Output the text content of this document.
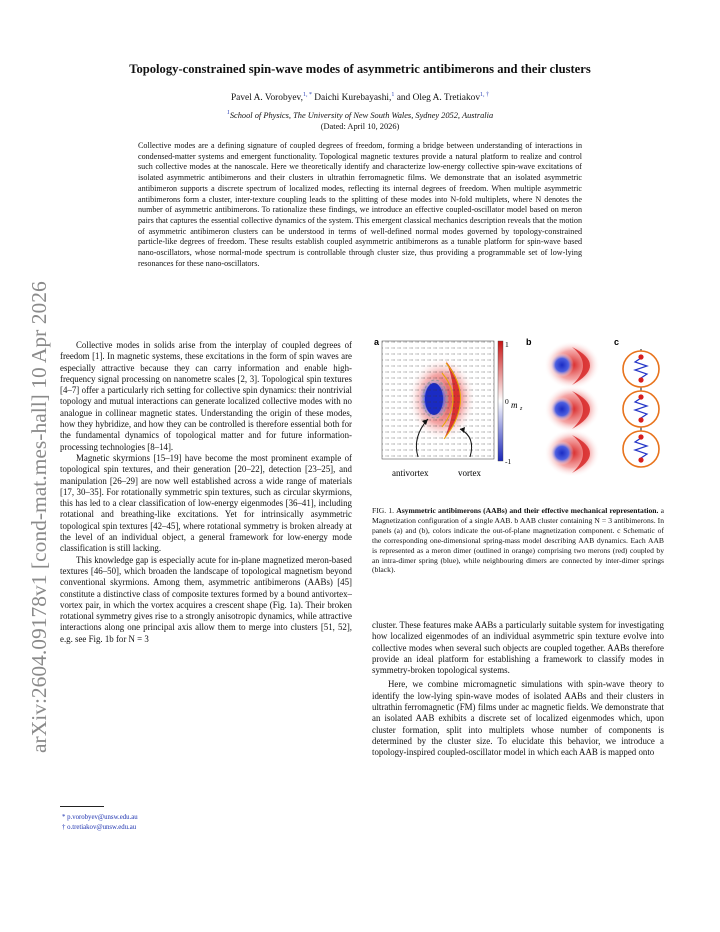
arXiv:2604.09178v1 [cond-mat.mes-hall] 10 Apr 2026
Topology-constrained spin-wave modes of asymmetric antibimerons and their clusters
Pavel A. Vorobyev,$^{1, *}$ Daichi Kurebayashi,$^1$ and Oleg A. Tretiakov$^{1, \dagger}$
$^1$School of Physics, The University of New South Wales, Sydney 2052, Australia
(Dated: April 10, 2026)
Collective modes are a defining signature of coupled degrees of freedom, forming a bridge between understanding of interactions in condensed-matter systems and emergent functionality. Topological magnetic textures provide a natural platform to realize and control such collective modes at the nanoscale. Here we theoretically identify and characterize low-energy collective spin-wave excitations of isolated asymmetric antibimerons and their clusters in ultrathin ferromagnetic films. We demonstrate that an isolated asymmetric antibimeron supports a discrete spectrum of localized modes, reflecting its internal degrees of freedom. When multiple asymmetric antibimerons form a cluster, inter-texture coupling leads to the splitting of these modes into N-fold multiplets, where N denotes the number of asymmetric antibimerons. To rationalize these findings, we introduce an effective coupled-oscillator model based on meron pairs that captures the essential collective dynamics of the system. This emergent classical mechanics description reveals that the motion of asymmetric antibimeron clusters can be understood in terms of well-defined normal modes governed by topology-constrained particle-like degrees of freedom. These results establish coupled asymmetric antibimerons as a tunable platform for spin-wave based nano-oscillators, whose normal-mode spectrum is controllable through cluster size, thus providing a programmable set of low-lying resonances for these nano-oscillators.

Collective modes in solids arise from the interplay of coupled degrees of freedom [1]. In magnetic systems, these excitations in the form of spin waves are especially attractive because they can carry information and enable high-frequency signal processing on nanometre scales [2, 3]. Topological spin textures [4–7] offer a particularly rich setting for collective spin dynamics: their nontrivial topology and mutual interactions can generate localized collective modes with no analogue in collinear magnetic states. Understanding the origin of these modes, how they hybridize, and how they can be controlled is therefore essential both for the fundamental dynamics of topological matter and for future information-processing technologies [8–14].

Magnetic skyrmions [15–19] have become the most prominent example of topological spin textures, and their generation [20–22], detection [23–25], and manipulation [26–29] are now well established across a wide range of materials [17, 30–35]. For rotationally symmetric spin textures, such as circular skyrmions, this has led to a clear classification of low-energy eigenmodes [36–41], including rotational and breathing-like excitations. Yet for intrinsically asymmetric topological spin textures [42–45], where rotational symmetry is broken already at the level of an individual object, a general framework for low-energy mode classification is still lacking.

This knowledge gap is especially acute for in-plane magnetized meron-based textures [46–50], which broaden the landscape of topological magnetism beyond conventional skyrmions. Among them, asymmetric antibimerons (AABs) [45] constitute a distinctive class of composite textures formed by a bound antivortex–vortex pair, in which the vortex acquires a crescent shape (Fig. 1a). Their broken rotational symmetry gives rise to a strongly anisotropic dynamics, while attractive interactions along one principal axis allow them to merge into clusters [51, 52], e.g. see Fig. 1b for N = 3

a	1
0 m z
-1
antivortex	vortex
b	c
FIG. 1. Asymmetric antibimerons (AABs) and their effective mechanical representation. a Magnetization configuration of a single AAB. b AAB cluster containing N = 3 antibimerons. In panels (a) and (b), colors indicate the out-of-plane magnetization component. c Schematic of the corresponding one-dimensional spring-mass model describing AAB dynamics. Each AAB is represented as a meron dimer (outlined in orange) comprising two merons (red) coupled by an intra-dimer spring (blue), while neighbouring dimers are connected by inter-dimer springs (black).

cluster. These features make AABs a particularly suitable system for investigating how localized eigenmodes of an individual asymmetric spin texture evolve into collective modes when several such objects are coupled together. AABs therefore provide an ideal platform for establishing a framework to classify modes in symmetry-broken topological systems.

Here, we combine micromagnetic simulations with spin-wave theory to identify the low-lying spin-wave modes of isolated AABs and their clusters in ultrathin ferromagnetic (FM) films under ac magnetic fields. We demonstrate that an isolated AAB exhibits a discrete set of localized eigenmodes which, upon cluster formation, split into multiplets whose number of components is determined by the cluster size. To elucidate this behavior, we introduce a topology-inspired coupled-oscillator model in which each AAB is mapped onto

* p.vorobyev@unsw.edu.au
† o.tretiakov@unsw.edu.au
